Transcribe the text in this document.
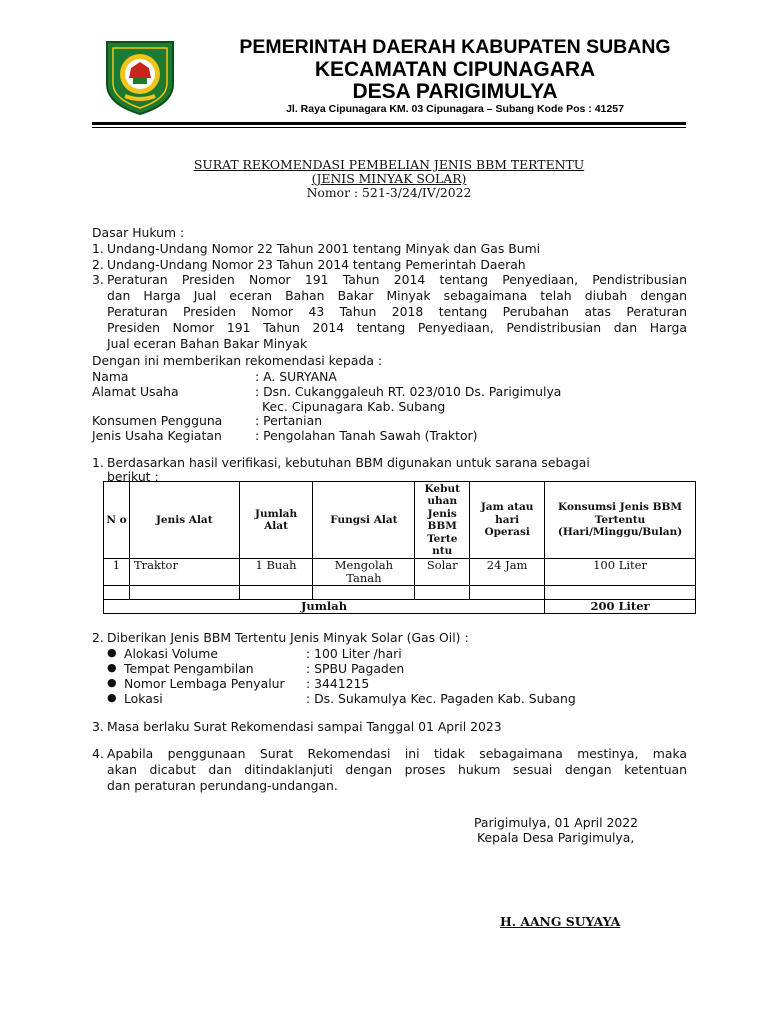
PEMERINTAH DAERAH KABUPATEN SUBANG
KECAMATAN CIPUNAGARA
DESA PARIGIMULYA
Jl. Raya Cipunagara KM. 03 Cipunagara – Subang Kode Pos : 41257
SURAT REKOMENDASI PEMBELIAN JENIS BBM TERTENTU
(JENIS MINYAK SOLAR)
Nomor : 521-3/24/IV/2022
Dasar Hukum :
1. Undang-Undang Nomor 22 Tahun 2001 tentang Minyak dan Gas Bumi
2. Undang-Undang Nomor 23 Tahun 2014 tentang Pemerintah Daerah
3. Peraturan Presiden Nomor 191 Tahun 2014 tentang Penyediaan, Pendistribusian
dan Harga Jual eceran Bahan Bakar Minyak sebagaimana telah diubah dengan
Peraturan Presiden Nomor 43 Tahun 2018 tentang Perubahan atas Peraturan
Presiden Nomor 191 Tahun 2014 tentang Penyediaan, Pendistribusian dan Harga
Jual eceran Bahan Bakar Minyak
Dengan ini memberikan rekomendasi kepada :
Nama	: A. SURYANA
Alamat Usaha	: Dsn. Cukanggaleuh RT. 023/010 Ds. Parigimulya
Kec. Cipunagara Kab. Subang
Konsumen Pengguna	: Pertanian
Jenis Usaha Kegiatan	: Pengolahan Tanah Sawah (Traktor)
1. Berdasarkan hasil verifikasi, kebutuhan BBM digunakan untuk sarana sebagai
berikut :
N o	Jenis Alat	Jumlah Alat	Fungsi Alat	Kebut uhan Jenis BBM Terte ntu	Jam atau hari Operasi	Konsumsi Jenis BBM Tertentu (Hari/Minggu/Bulan)
1	Traktor	1 Buah	Mengolah Tanah	Solar	24 Jam	100 Liter

Jumlah						200 Liter
2. Diberikan Jenis BBM Tertentu Jenis Minyak Solar (Gas Oil) :
● Alokasi Volume	: 100 Liter /hari
● Tempat Pengambilan	: SPBU Pagaden
● Nomor Lembaga Penyalur : 3441215
● Lokasi	: Ds. Sukamulya Kec. Pagaden Kab. Subang
3. Masa berlaku Surat Rekomendasi sampai Tanggal 01 April 2023
4. Apabila penggunaan Surat Rekomendasi ini tidak sebagaimana mestinya, maka
akan dicabut dan ditindaklanjuti dengan proses hukum sesuai dengan ketentuan
dan peraturan perundang-undangan.
Parigimulya, 01 April 2022
Kepala Desa Parigimulya,
H. AANG SUYAYA
